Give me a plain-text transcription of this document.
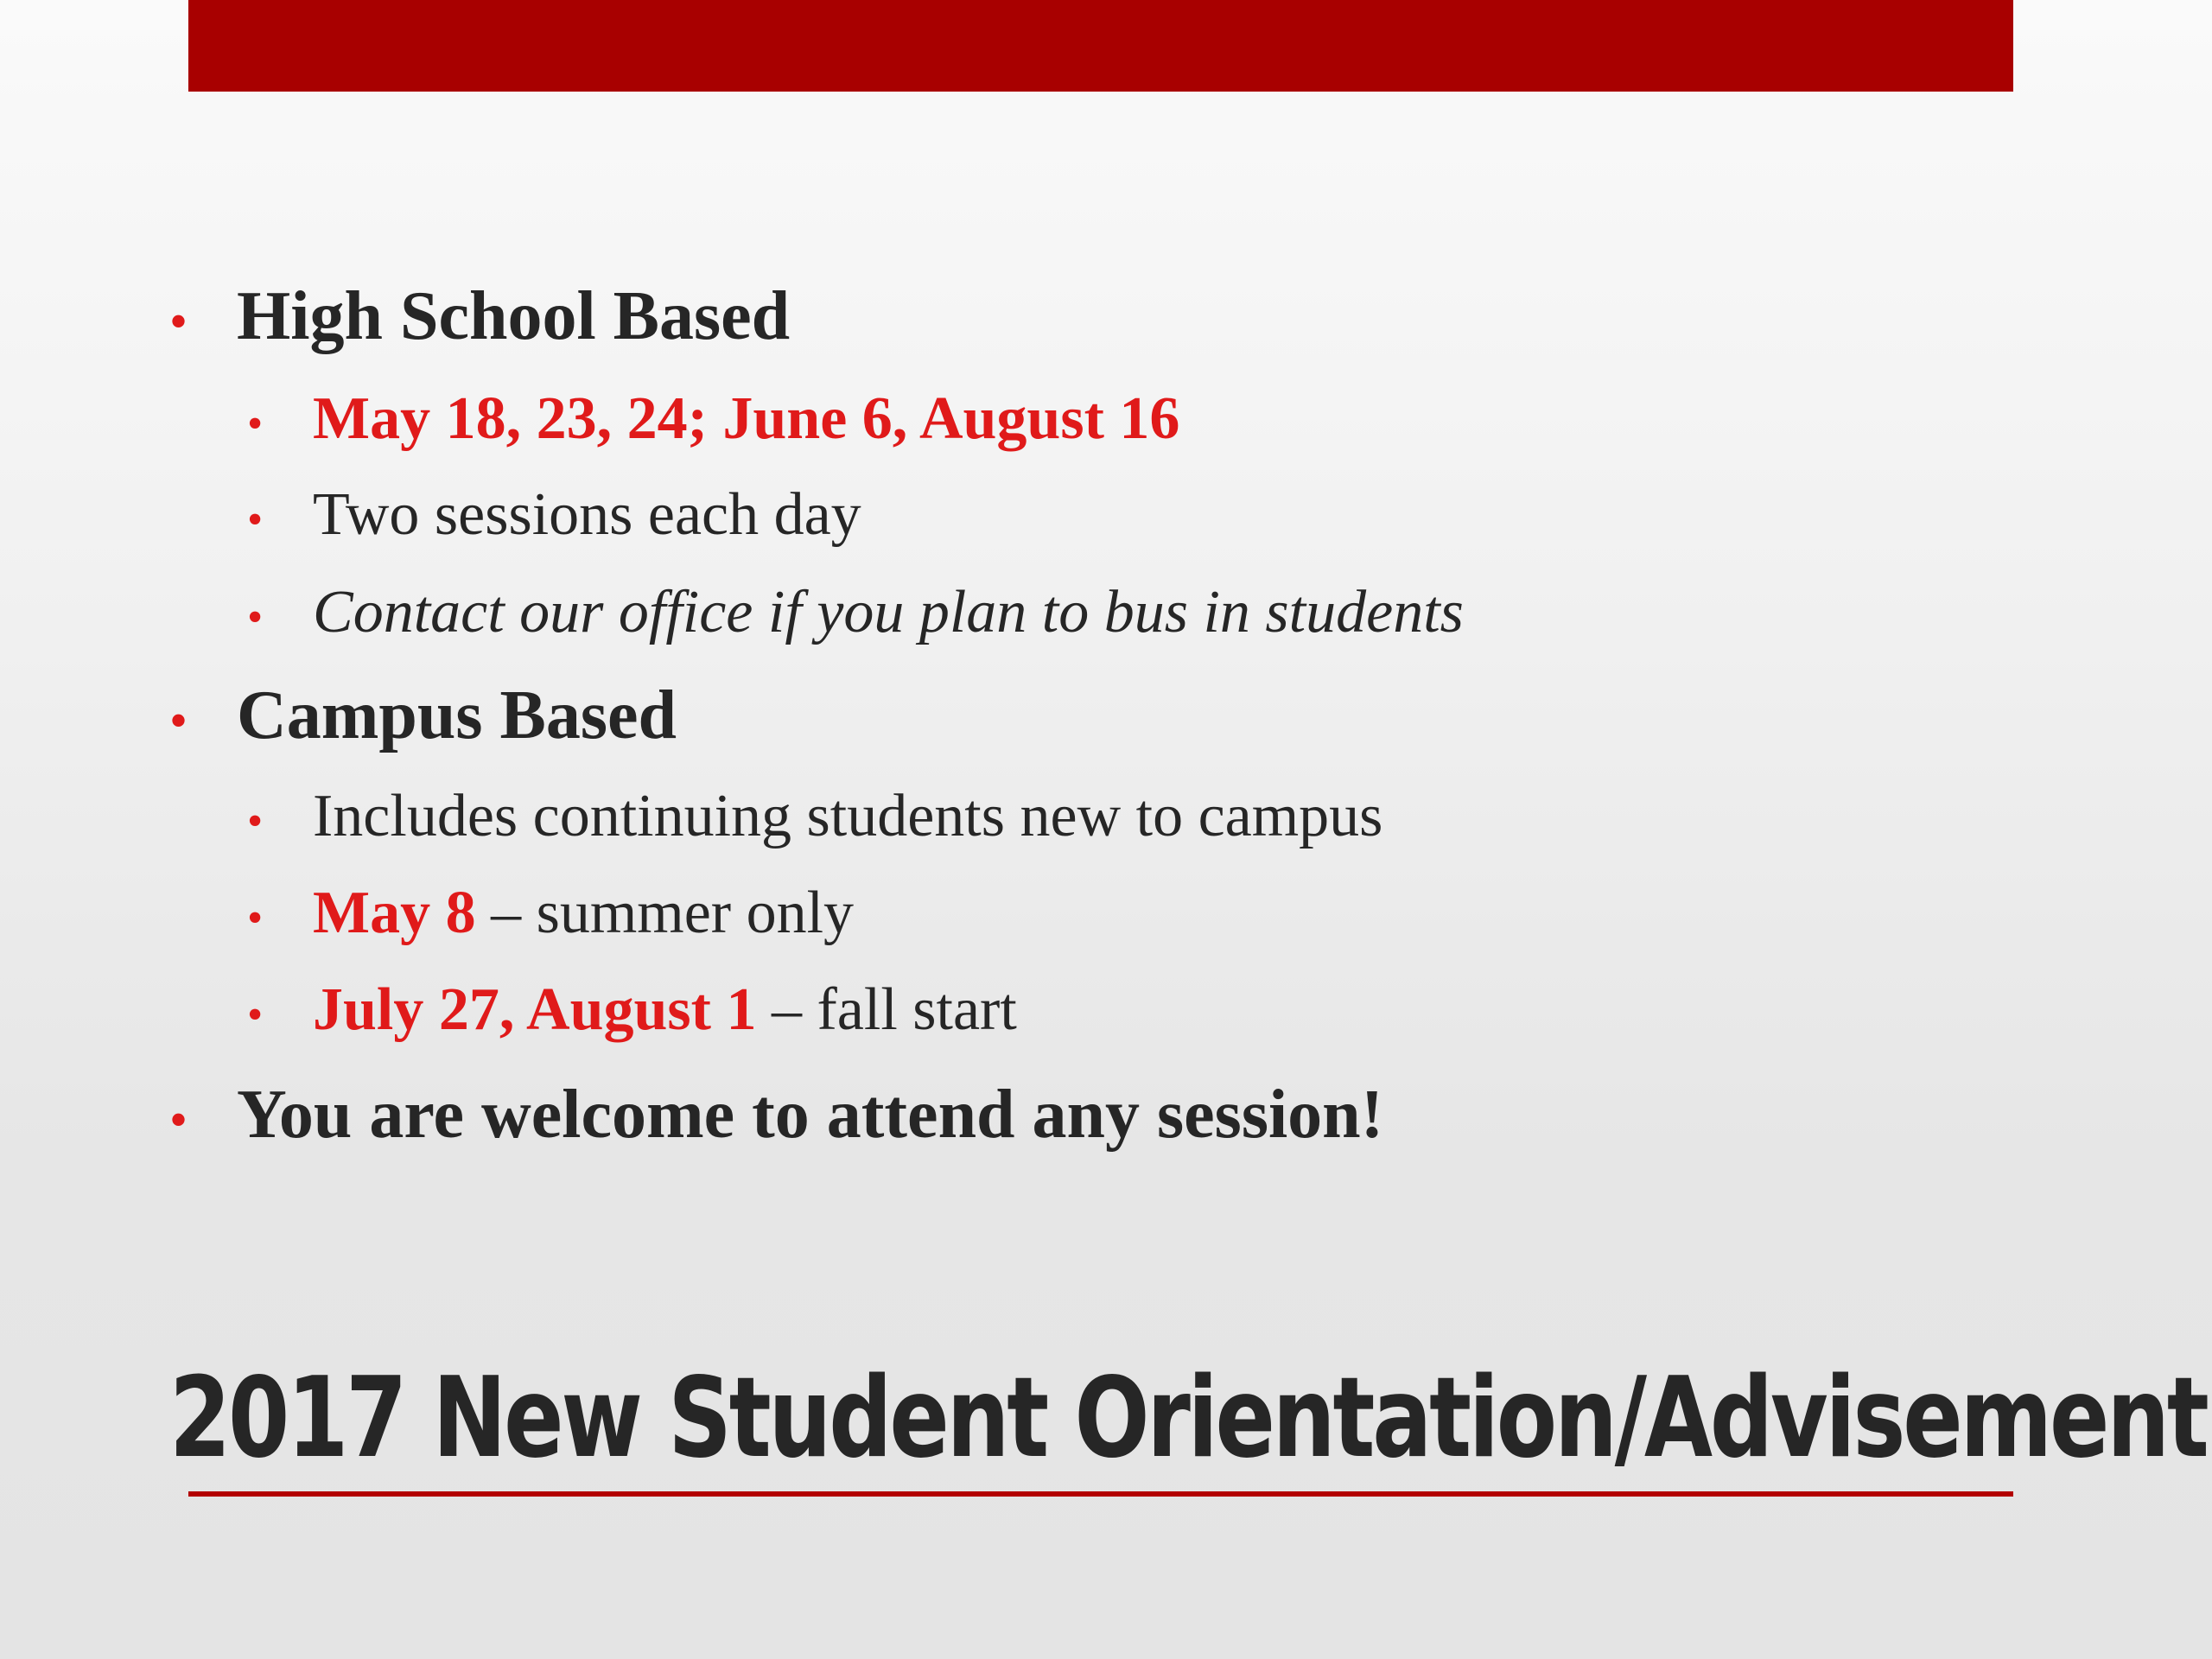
• High School Based
• May 18, 23, 24; June 6, August 16
• Two sessions each day
• Contact our office if you plan to bus in students
• Campus Based
• Includes continuing students new to campus
• May 8 – summer only
• July 27, August 1 – fall start
• You are welcome to attend any session!
2017 New Student Orientation/Advisement
